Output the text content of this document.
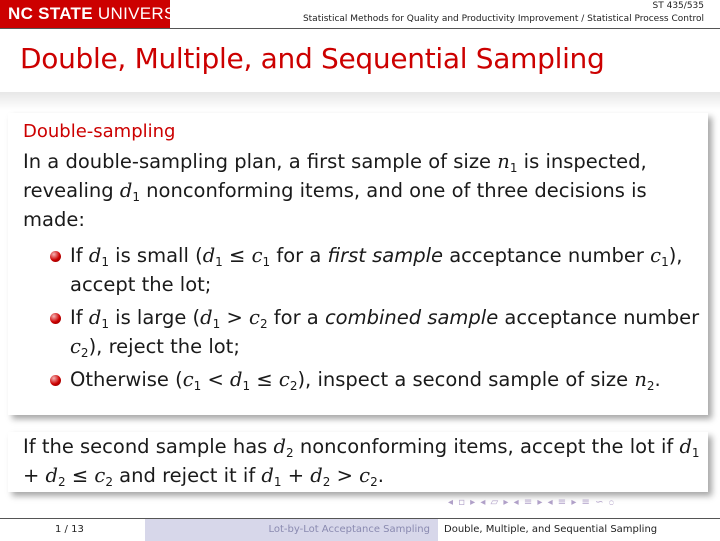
NC STATE UNIVERSITY	ST 435/535
Statistical Methods for Quality and Productivity Improvement / Statistical Process Control
Double, Multiple, and Sequential Sampling
Double-sampling
In a double-sampling plan, a first sample of size $n_1$ is inspected, revealing $d_1$ nonconforming items, and one of three decisions is made:
If $d_1$ is small ($d_1 \le c_1$ for a first sample acceptance number $c_1$), accept the lot;
If $d_1$ is large ($d_1 > c_2$ for a combined sample acceptance number $c_2$), reject the lot;
Otherwise $(c_1 < d_1 \le c_2)$, inspect a second sample of size $n_2$.
If the second sample has $d_2$ nonconforming items, accept the lot if $d_1 + d_2 \le c_2$ and reject it if $d_1 + d_2 > c_2$.
◂ ▫ ▸ ◂ ▱ ▸ ◂ ≡ ▸ ◂ ≡ ▸ ≡ ∽ ೦
1 / 13	Lot-by-Lot Acceptance Sampling	Double, Multiple, and Sequential Sampling
